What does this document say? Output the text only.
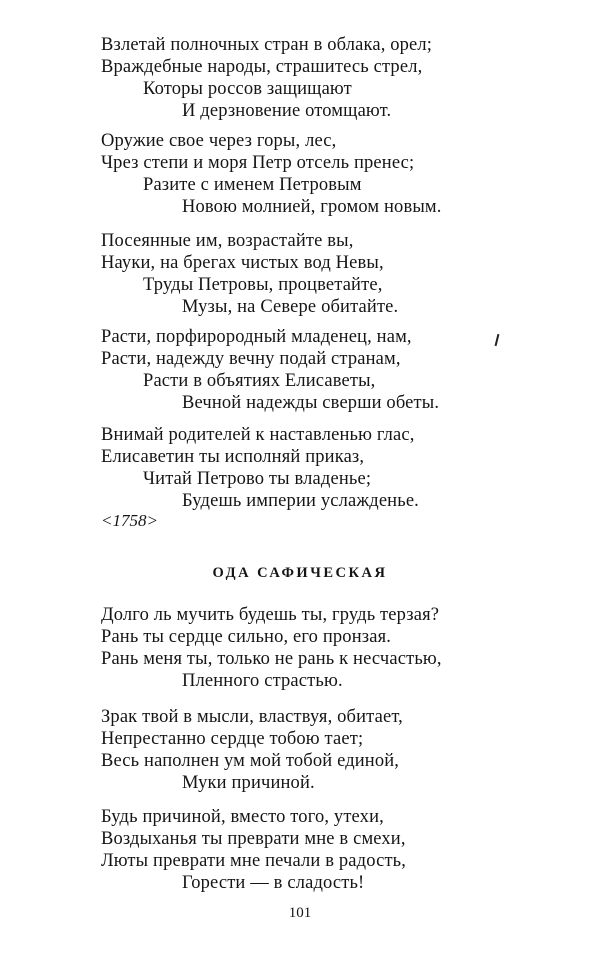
Взлетай полночных стран в облака, орел;
Враждебные народы, страшитесь стрел,
Которы россов защищают
И дерзновение отомщают.
Оружие свое через горы, лес,
Чрез степи и моря Петр отсель пренес;
Разите с именем Петровым
Новою молнией, громом новым.
Посеянные им, возрастайте вы,
Науки, на брегах чистых вод Невы,
Труды Петровы, процветайте,
Музы, на Севере обитайте.
Расти, порфирородный младенец, нам,
Расти, надежду вечну подай странам,
Расти в объятиях Елисаветы,
Вечной надежды сверши обеты.
Внимай родителей к наставленью глас,
Елисаветин ты исполняй приказ,
Читай Петрово ты владенье;
Будешь империи услажденье.
<1758>
ОДА САФИЧЕСКАЯ
Долго ль мучить будешь ты, грудь терзая?
Рань ты сердце сильно, его пронзая.
Рань меня ты, только не рань к несчастью,
Пленного страстью.
Зрак твой в мысли, властвуя, обитает,
Непрестанно сердце тобою тает;
Весь наполнен ум мой тобой единой,
Муки причиной.
Будь причиной, вместо того, утехи,
Воздыханья ты преврати мне в смехи,
Люты преврати мне печали в радость,
Горести — в сладость!
101
